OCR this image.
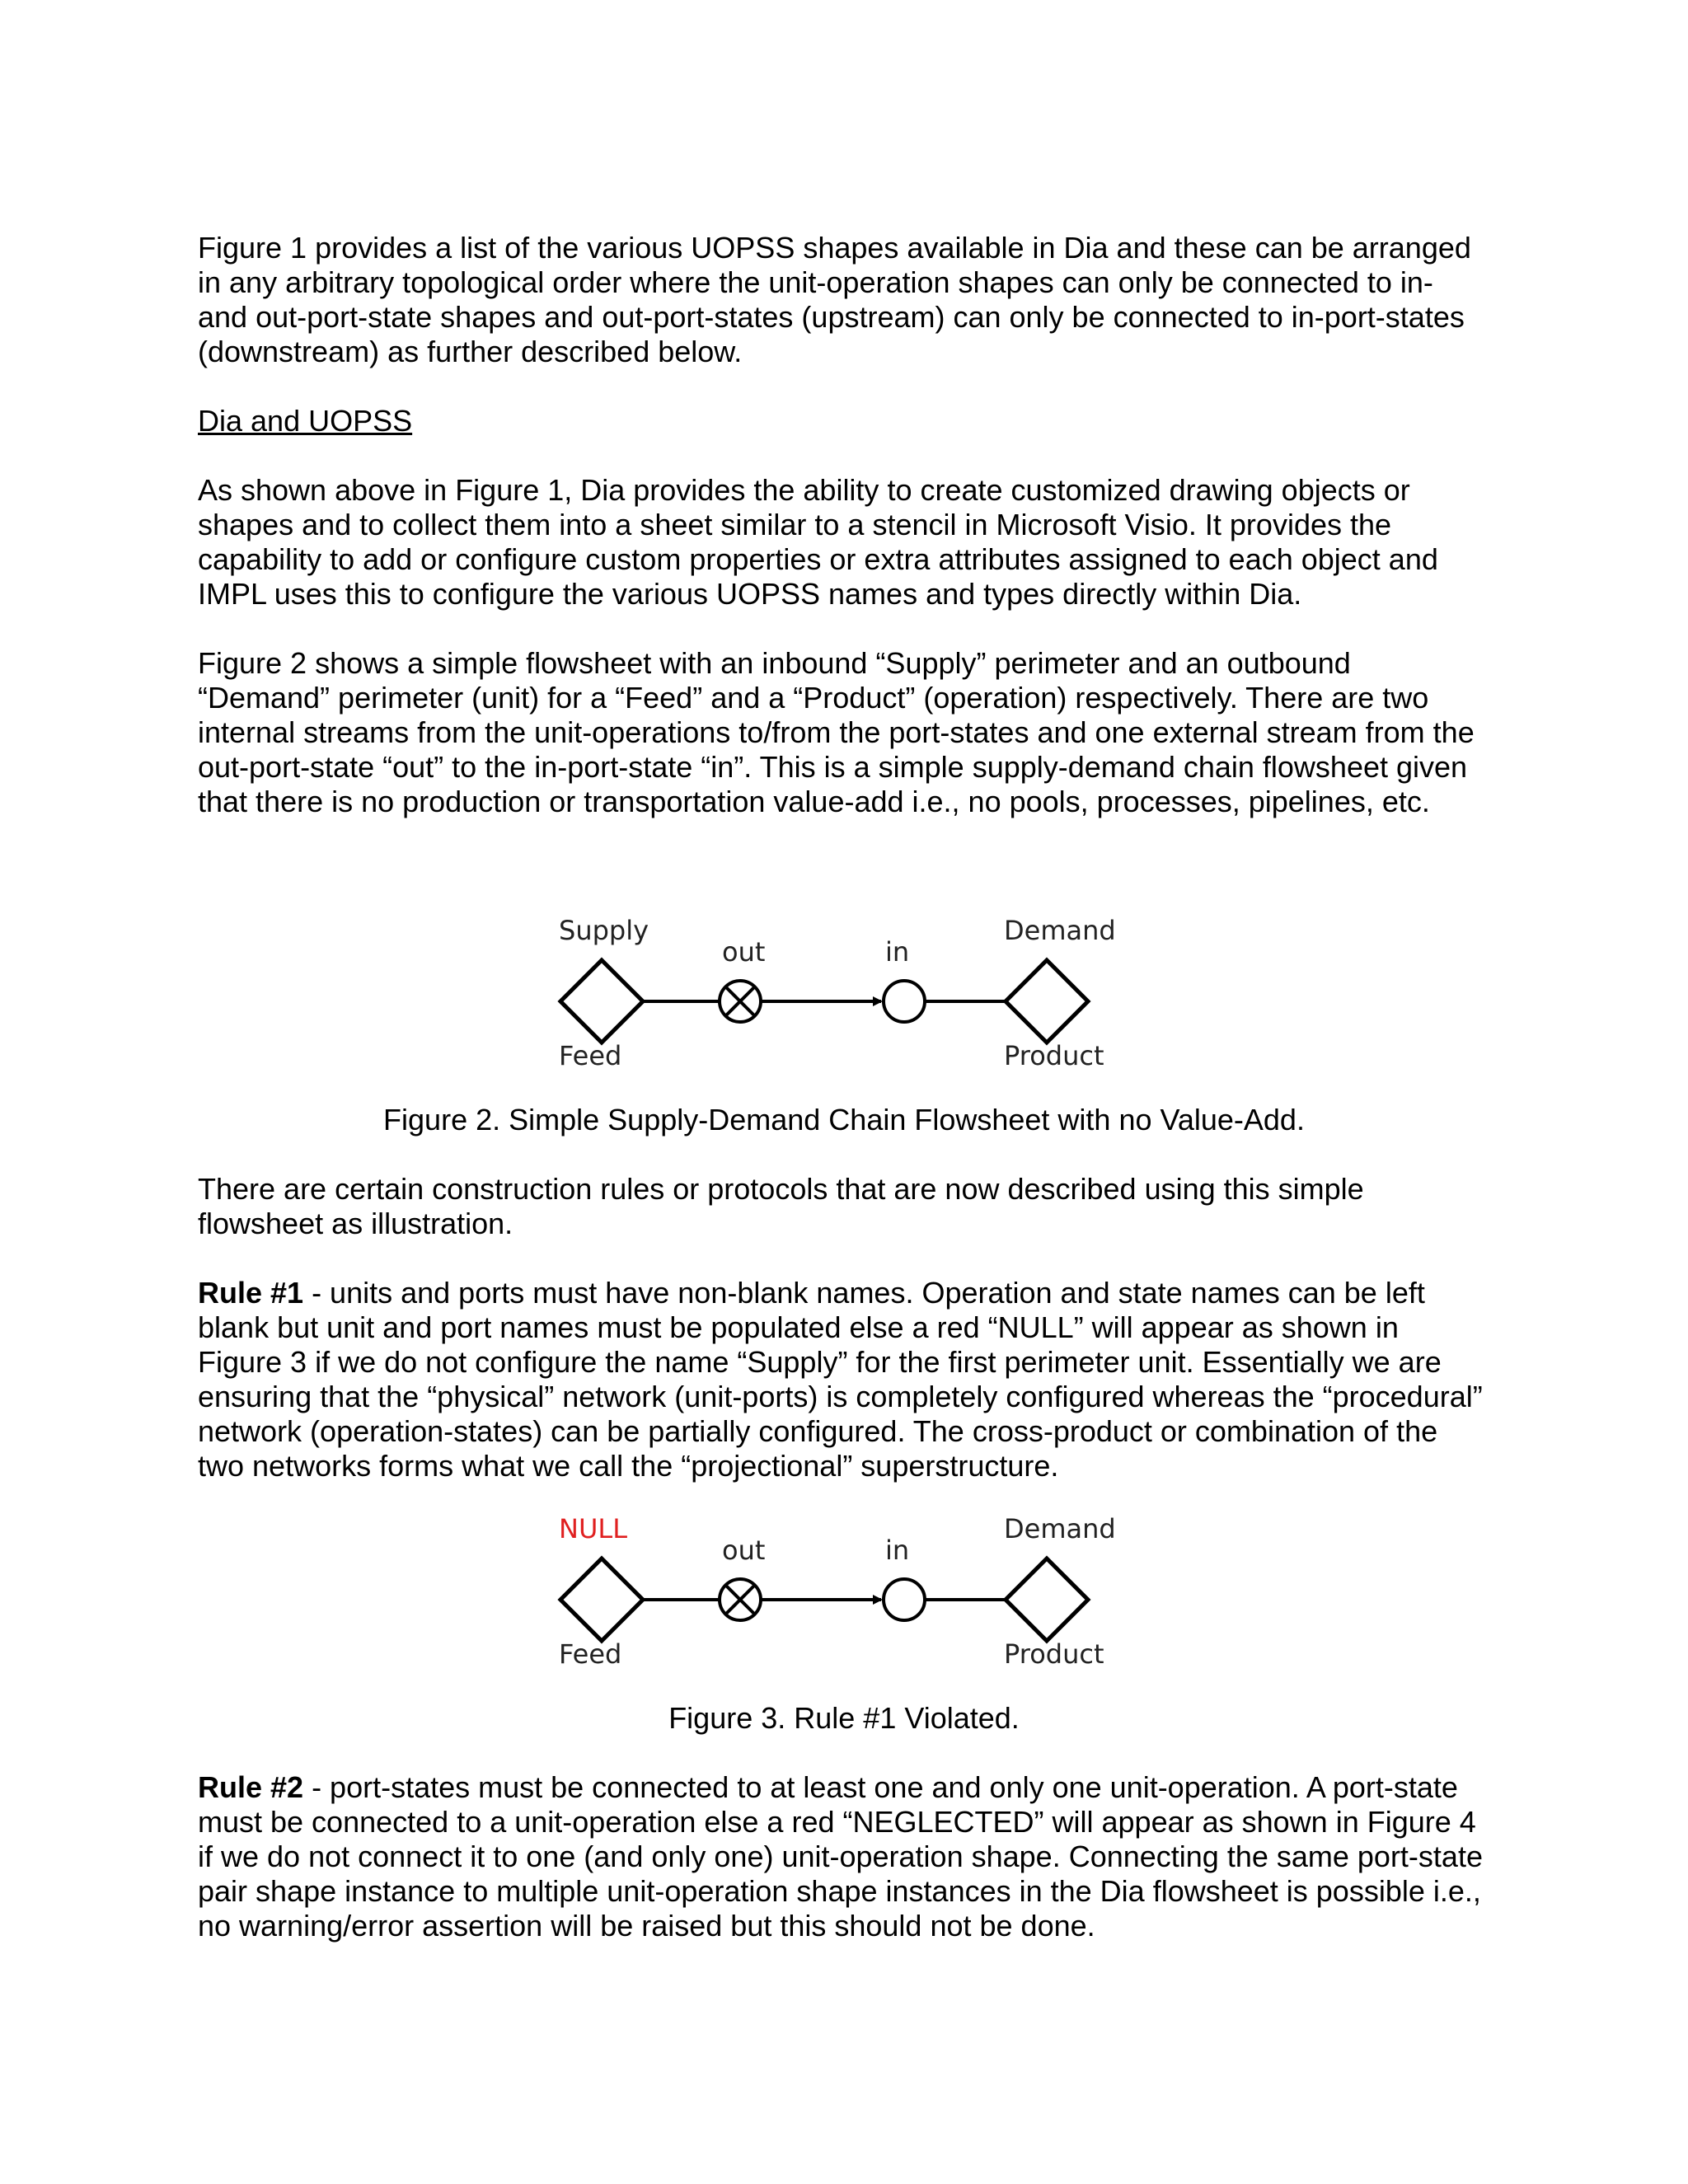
Figure 1 provides a list of the various UOPSS shapes available in Dia and these can be arranged in any arbitrary topological order where the unit-operation shapes can only be connected to in- and out-port-state shapes and out-port-states (upstream) can only be connected to in-port-states (downstream) as further described below.

Dia and UOPSS

As shown above in Figure 1, Dia provides the ability to create customized drawing objects or shapes and to collect them into a sheet similar to a stencil in Microsoft Visio. It provides the capability to add or configure custom properties or extra attributes assigned to each object and IMPL uses this to configure the various UOPSS names and types directly within Dia.

Figure 2 shows a simple flowsheet with an inbound “Supply” perimeter and an outbound “Demand” perimeter (unit) for a “Feed” and a “Product” (operation) respectively. There are two internal streams from the unit-operations to/from the port-states and one external stream from the out-port-state “out” to the in-port-state “in”. This is a simple supply-demand chain flowsheet given that there is no production or transportation value-add i.e., no pools, processes, pipelines, etc.

Supply
out	in
Demand
Feed	Product

Figure 2. Simple Supply-Demand Chain Flowsheet with no Value-Add.

There are certain construction rules or protocols that are now described using this simple flowsheet as illustration.

Rule #1 - units and ports must have non-blank names. Operation and state names can be left blank but unit and port names must be populated else a red “NULL” will appear as shown in Figure 3 if we do not configure the name “Supply” for the first perimeter unit. Essentially we are ensuring that the “physical” network (unit-ports) is completely configured whereas the “procedural” network (operation-states) can be partially configured. The cross-product or combination of the two networks forms what we call the “projectional” superstructure.

NULL
out	in
Demand
Feed	Product

Figure 3. Rule #1 Violated.

Rule #2 - port-states must be connected to at least one and only one unit-operation. A port-state must be connected to a unit-operation else a red “NEGLECTED” will appear as shown in Figure 4 if we do not connect it to one (and only one) unit-operation shape. Connecting the same port-state pair shape instance to multiple unit-operation shape instances in the Dia flowsheet is possible i.e., no warning/error assertion will be raised but this should not be done.
